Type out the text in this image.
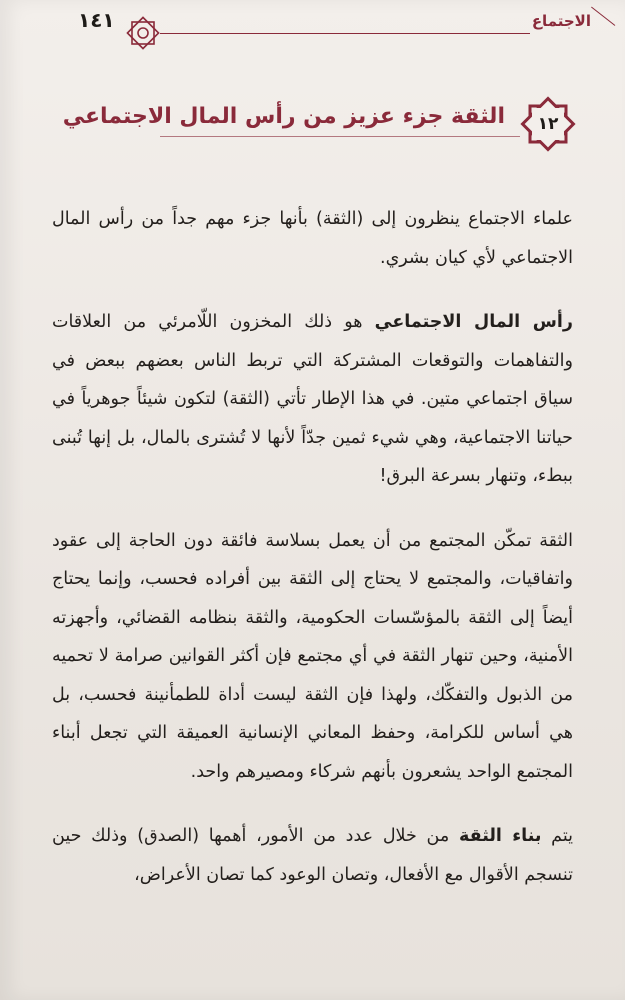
١٤١	الاجتماع
الثقة جزء عزيز من رأس المال الاجتماعي	١٢

علماء الاجتماع ينظرون إلى (الثقة) بأنها جزء مهم جداً من رأس المال الاجتماعي لأي كيان بشري.

رأس المال الاجتماعي هو ذلك المخزون اللّامرئي من العلاقات والتفاهمات والتوقعات المشتركة التي تربط الناس بعضهم ببعض في سياق اجتماعي متين. في هذا الإطار تأتي (الثقة) لتكون شيئاً جوهرياً في حياتنا الاجتماعية، وهي شيء ثمين جدّاً لأنها لا تُشترى بالمال، بل إنها تُبنى ببطء، وتنهار بسرعة البرق!

الثقة تمكّن المجتمع من أن يعمل بسلاسة فائقة دون الحاجة إلى عقود واتفاقيات، والمجتمع لا يحتاج إلى الثقة بين أفراده فحسب، وإنما يحتاج أيضاً إلى الثقة بالمؤسّسات الحكومية، والثقة بنظامه القضائي، وأجهزته الأمنية، وحين تنهار الثقة في أي مجتمع فإن أكثر القوانين صرامة لا تحميه من الذبول والتفكّك، ولهذا فإن الثقة ليست أداة للطمأنينة فحسب، بل هي أساس للكرامة، وحفظ المعاني الإنسانية العميقة التي تجعل أبناء المجتمع الواحد يشعرون بأنهم شركاء ومصيرهم واحد.

يتم بناء الثقة من خلال عدد من الأمور، أهمها (الصدق) وذلك حين تنسجم الأقوال مع الأفعال، وتصان الوعود كما تصان الأعراض،
